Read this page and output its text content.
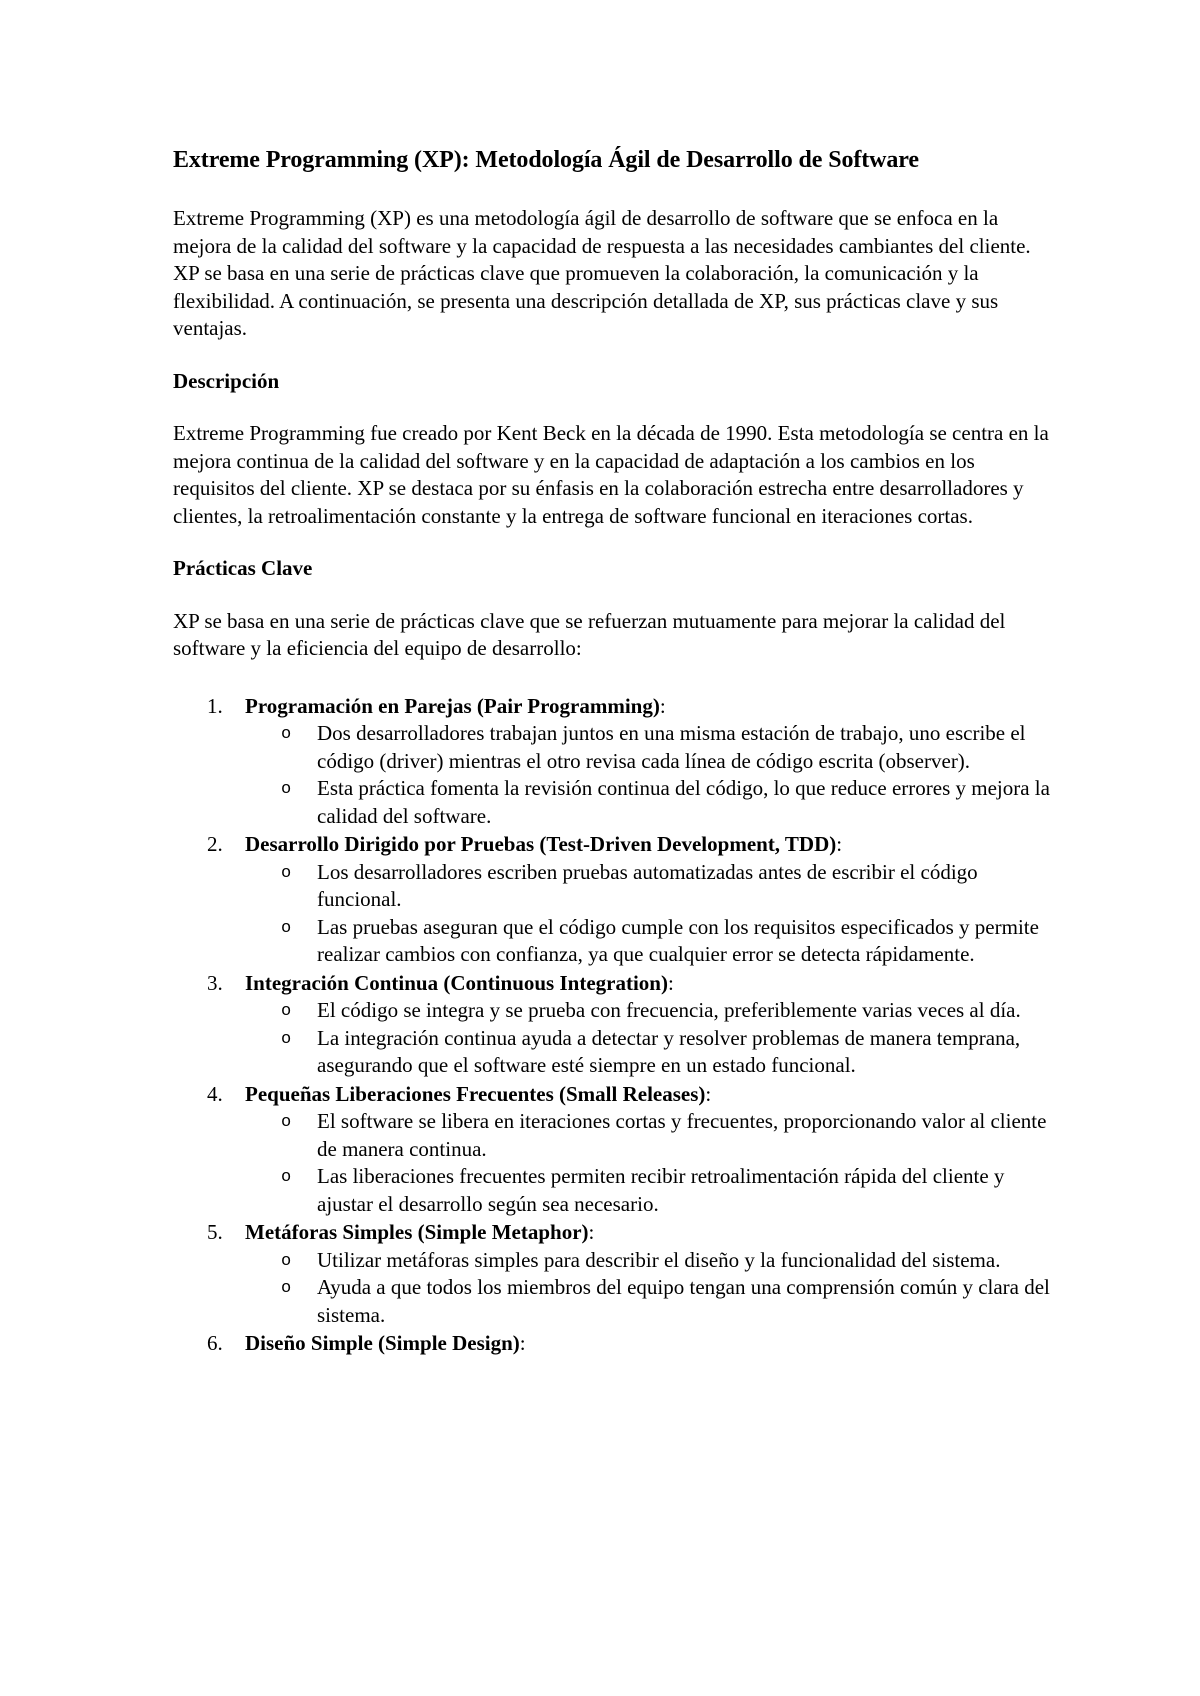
Extreme Programming (XP): Metodología Ágil de Desarrollo de Software

Extreme Programming (XP) es una metodología ágil de desarrollo de software que se enfoca en la mejora de la calidad del software y la capacidad de respuesta a las necesidades cambiantes del cliente. XP se basa en una serie de prácticas clave que promueven la colaboración, la comunicación y la flexibilidad. A continuación, se presenta una descripción detallada de XP, sus prácticas clave y sus ventajas.

Descripción

Extreme Programming fue creado por Kent Beck en la década de 1990. Esta metodología se centra en la mejora continua de la calidad del software y en la capacidad de adaptación a los cambios en los requisitos del cliente. XP se destaca por su énfasis en la colaboración estrecha entre desarrolladores y clientes, la retroalimentación constante y la entrega de software funcional en iteraciones cortas.

Prácticas Clave

XP se basa en una serie de prácticas clave que se refuerzan mutuamente para mejorar la calidad del software y la eficiencia del equipo de desarrollo:

1. Programación en Parejas (Pair Programming):
o Dos desarrolladores trabajan juntos en una misma estación de trabajo, uno escribe el código (driver) mientras el otro revisa cada línea de código escrita (observer).
o Esta práctica fomenta la revisión continua del código, lo que reduce errores y mejora la calidad del software.
2. Desarrollo Dirigido por Pruebas (Test-Driven Development, TDD):
o Los desarrolladores escriben pruebas automatizadas antes de escribir el código funcional.
o Las pruebas aseguran que el código cumple con los requisitos especificados y permite realizar cambios con confianza, ya que cualquier error se detecta rápidamente.
3. Integración Continua (Continuous Integration):
o El código se integra y se prueba con frecuencia, preferiblemente varias veces al día.
o La integración continua ayuda a detectar y resolver problemas de manera temprana, asegurando que el software esté siempre en un estado funcional.
4. Pequeñas Liberaciones Frecuentes (Small Releases):
o El software se libera en iteraciones cortas y frecuentes, proporcionando valor al cliente de manera continua.
o Las liberaciones frecuentes permiten recibir retroalimentación rápida del cliente y ajustar el desarrollo según sea necesario.
5. Metáforas Simples (Simple Metaphor):
o Utilizar metáforas simples para describir el diseño y la funcionalidad del sistema.
o Ayuda a que todos los miembros del equipo tengan una comprensión común y clara del sistema.
6. Diseño Simple (Simple Design):
